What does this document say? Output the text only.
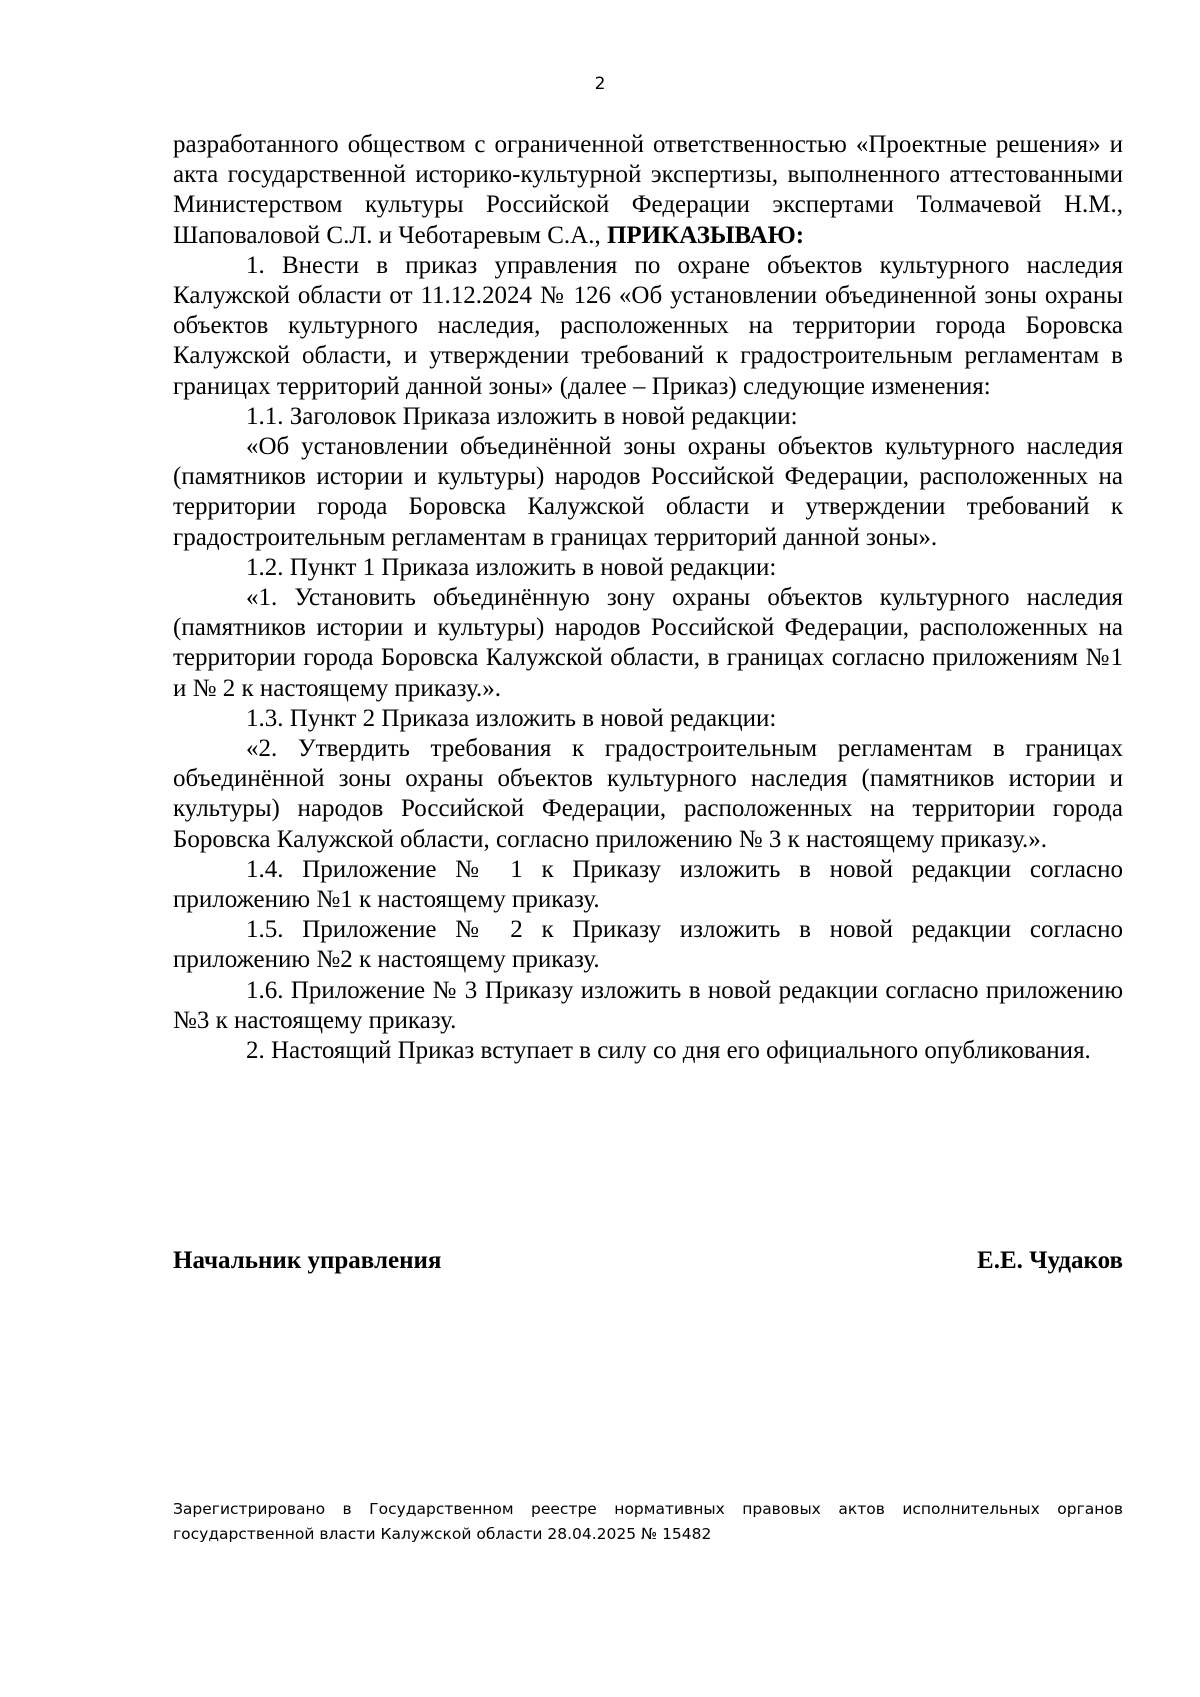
2

разработанного обществом с ограниченной ответственностью «Проектные решения» и акта государственной историко-культурной экспертизы, выполненного аттестованными Министерством культуры Российской Федерации экспертами Толмачевой Н.М., Шаповаловой С.Л. и Чеботаревым С.А., ПРИКАЗЫВАЮ:

1. Внести в приказ управления по охране объектов культурного наследия Калужской области от 11.12.2024 № 126 «Об установлении объединенной зоны охраны объектов культурного наследия, расположенных на территории города Боровска Калужской области, и утверждении требований к градостроительным регламентам в границах территорий данной зоны» (далее – Приказ) следующие изменения:

1.1. Заголовок Приказа изложить в новой редакции:

«Об установлении объединённой зоны охраны объектов культурного наследия (памятников истории и культуры) народов Российской Федерации, расположенных на территории города Боровска Калужской области и утверждении требований к градостроительным регламентам в границах территорий данной зоны».

1.2. Пункт 1 Приказа изложить в новой редакции:

«1. Установить объединённую зону охраны объектов культурного наследия (памятников истории и культуры) народов Российской Федерации, расположенных на территории города Боровска Калужской области, в границах согласно приложениям №1 и № 2 к настоящему приказу.».

1.3. Пункт 2 Приказа изложить в новой редакции:

«2. Утвердить требования к градостроительным регламентам в границах объединённой зоны охраны объектов культурного наследия (памятников истории и культуры) народов Российской Федерации, расположенных на территории города Боровска Калужской области, согласно приложению № 3 к настоящему приказу.».

1.4. Приложение № 1 к Приказу изложить в новой редакции согласно приложению №1 к настоящему приказу.

1.5. Приложение № 2 к Приказу изложить в новой редакции согласно приложению №2 к настоящему приказу.

1.6. Приложение № 3 Приказу изложить в новой редакции согласно приложению №3 к настоящему приказу.

2. Настоящий Приказ вступает в силу со дня его официального опубликования.

Начальник управления	Е.Е. Чудаков
Зарегистрировано в Государственном реестре нормативных правовых актов исполнительных органов государственной власти Калужской области 28.04.2025 № 15482
